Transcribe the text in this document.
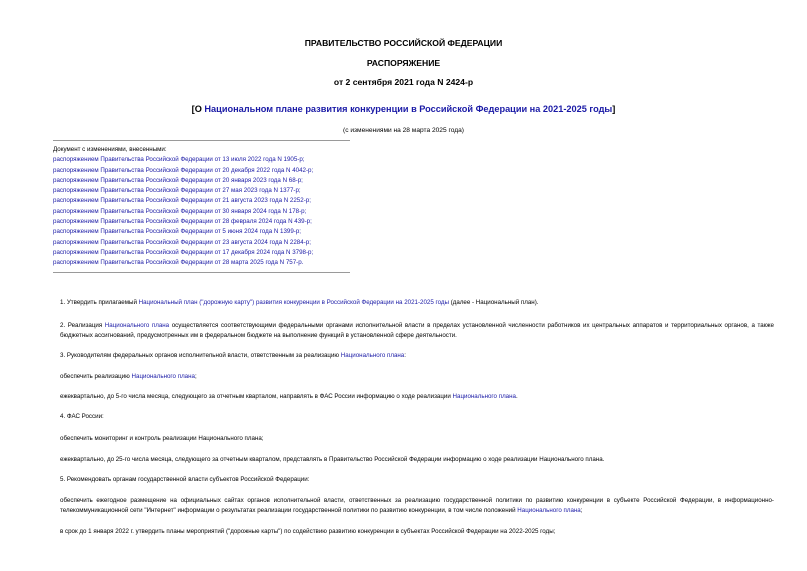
ПРАВИТЕЛЬСТВО РОССИЙСКОЙ ФЕДЕРАЦИИ
РАСПОРЯЖЕНИЕ
от 2 сентября 2021 года N 2424-р
[О Национальном плане развития конкуренции в Российской Федерации на 2021-2025 годы]
(с изменениями на 28 марта 2025 года)
Документ с изменениями, внесенными:
распоряжением Правительства Российской Федерации от 13 июля 2022 года N 1905-р;
распоряжением Правительства Российской Федерации от 20 декабря 2022 года N 4042-р;
распоряжением Правительства Российской Федерации от 20 января 2023 года N 68-р;
распоряжением Правительства Российской Федерации от 27 мая 2023 года N 1377-р;
распоряжением Правительства Российской Федерации от 21 августа 2023 года N 2252-р;
распоряжением Правительства Российской Федерации от 30 января 2024 года N 178-р;
распоряжением Правительства Российской Федерации от 28 февраля 2024 года N 439-р;
распоряжением Правительства Российской Федерации от 5 июня 2024 года N 1399-р;
распоряжением Правительства Российской Федерации от 23 августа 2024 года N 2284-р;
распоряжением Правительства Российской Федерации от 17 декабря 2024 года N 3798-р;
распоряжением Правительства Российской Федерации от 28 марта 2025 года N 757-р.
1. Утвердить прилагаемый Национальный план ("дорожную карту") развития конкуренции в Российской Федерации на 2021-2025 годы (далее - Национальный план).
2. Реализация Национального плана осуществляется соответствующими федеральными органами исполнительной власти в пределах установленной численности работников их центральных аппаратов и территориальных органов, а также бюджетных ассигнований, предусмотренных им в федеральном бюджете на выполнение функций в установленной сфере деятельности.
3. Руководителям федеральных органов исполнительной власти, ответственным за реализацию Национального плана:
обеспечить реализацию Национального плана;
ежеквартально, до 5-го числа месяца, следующего за отчетным кварталом, направлять в ФАС России информацию о ходе реализации Национального плана.
4. ФАС России:
обеспечить мониторинг и контроль реализации Национального плана;
ежеквартально, до 25-го числа месяца, следующего за отчетным кварталом, представлять в Правительство Российской Федерации информацию о ходе реализации Национального плана.
5. Рекомендовать органам государственной власти субъектов Российской Федерации:
обеспечить ежегодное размещение на официальных сайтах органов исполнительной власти, ответственных за реализацию государственной политики по развитию конкуренции в субъекте Российской Федерации, в информационно-телекоммуникационной сети "Интернет" информации о результатах реализации государственной политики по развитию конкуренции, в том числе положений Национального плана;
в срок до 1 января 2022 г. утвердить планы мероприятий ("дорожные карты") по содействию развитию конкуренции в субъектах Российской Федерации на 2022-2025 годы;
